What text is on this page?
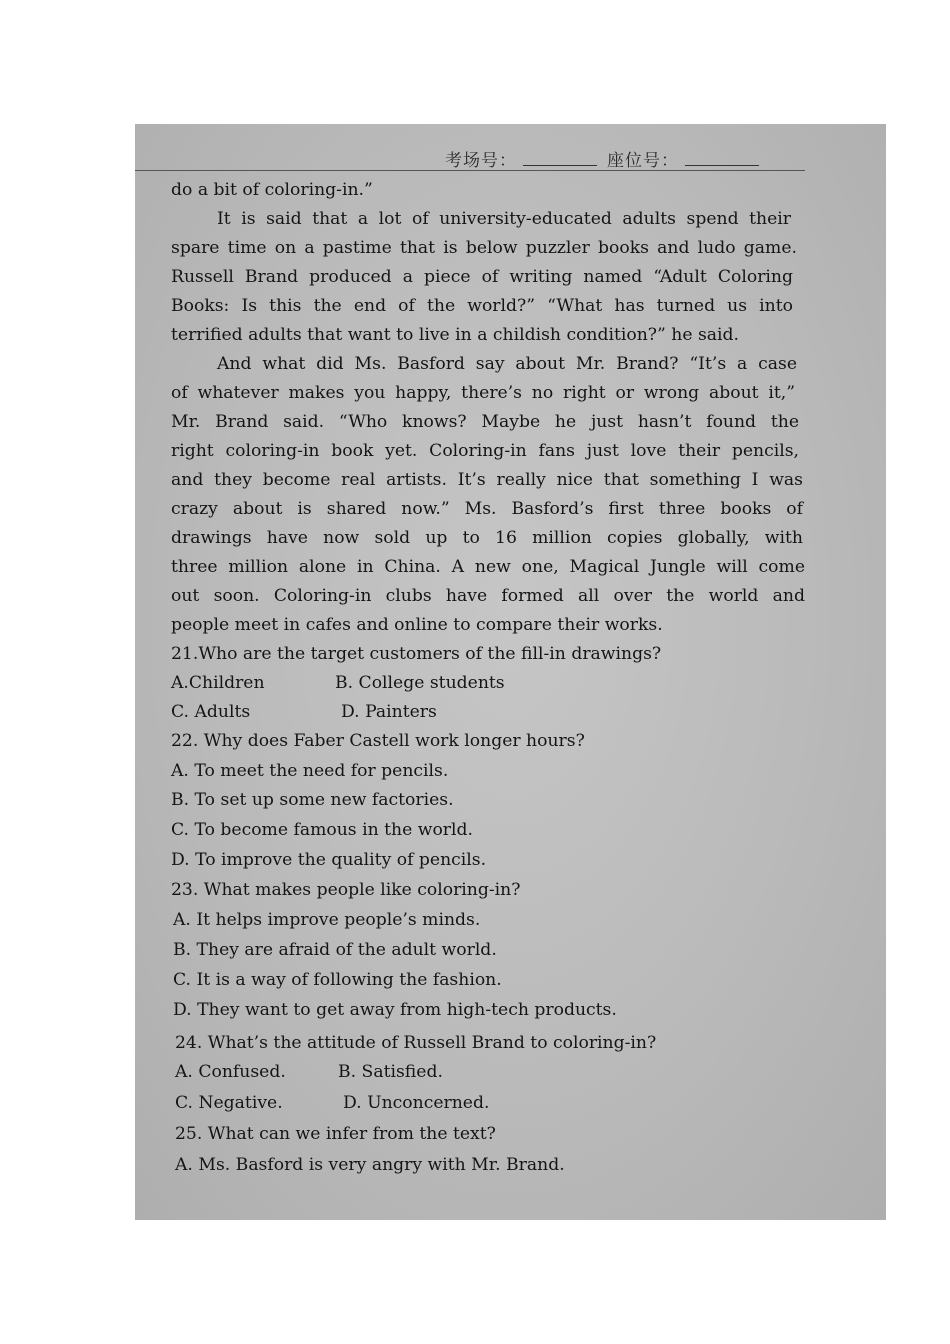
考场号：	座位号：
do a bit of coloring-in.”
It is said that a lot of university-educated adults spend their
spare time on a pastime that is below puzzler books and ludo game.
Russell Brand produced a piece of writing named “Adult Coloring
Books: Is this the end of the world?” “What has turned us into
terrified adults that want to live in a childish condition?” he said.
And what did Ms. Basford say about Mr. Brand? “It’s a case
of whatever makes you happy, there’s no right or wrong about it,”
Mr. Brand said. “Who knows? Maybe he just hasn’t found the
right coloring-in book yet. Coloring-in fans just love their pencils,
and they become real artists. It’s really nice that something I was
crazy about is shared now.” Ms. Basford’s first three books of
drawings have now sold up to 16 million copies globally, with
three million alone in China. A new one, Magical Jungle will come
out soon. Coloring-in clubs have formed all over the world and
people meet in cafes and online to compare their works.
21.Who are the target customers of the fill-in drawings?
A.Children	B. College students
C. Adults	D. Painters
22. Why does Faber Castell work longer hours?
A. To meet the need for pencils.
B. To set up some new factories.
C. To become famous in the world.
D. To improve the quality of pencils.
23. What makes people like coloring-in?
A. It helps improve people’s minds.
B. They are afraid of the adult world.
C. It is a way of following the fashion.
D. They want to get away from high-tech products.
24. What’s the attitude of Russell Brand to coloring-in?
A. Confused.	B. Satisfied.
C. Negative.	D. Unconcerned.
25. What can we infer from the text?
A. Ms. Basford is very angry with Mr. Brand.
